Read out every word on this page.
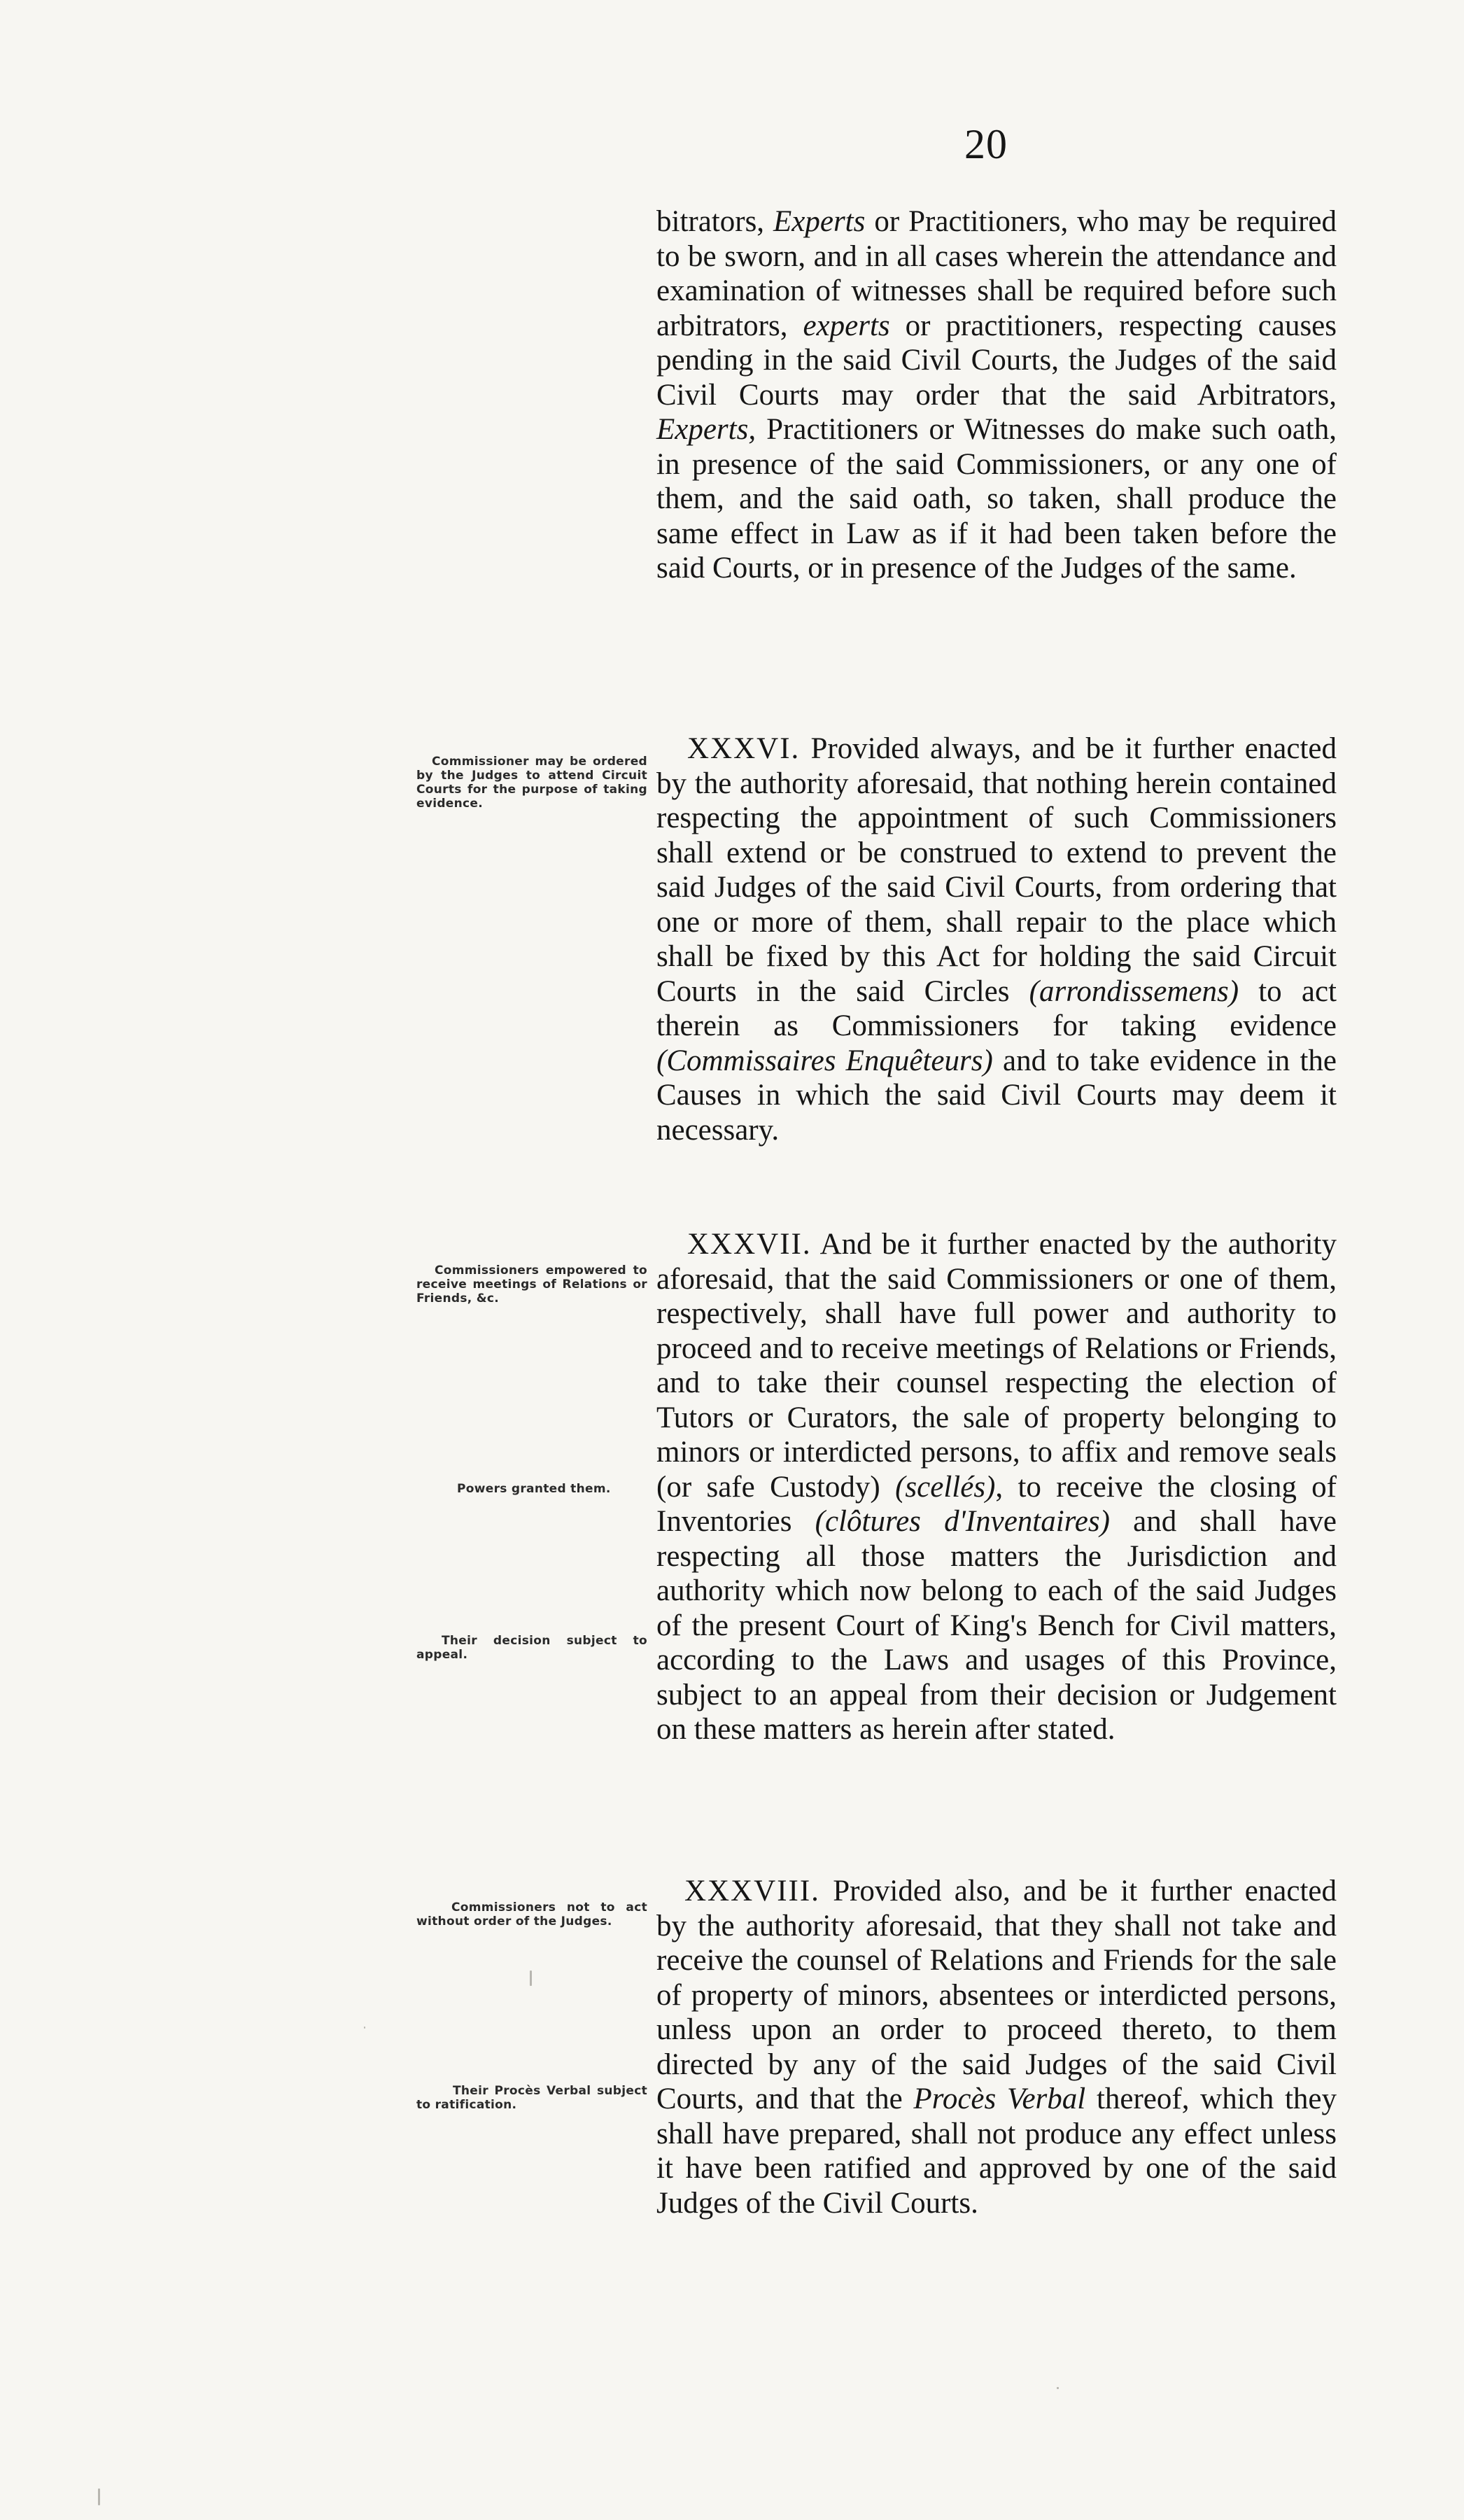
20
Commissioner may be ordered by the Judges to attend Circuit Courts for the purpose of taking evidence.
Commissioners empowered to receive meetings of Relations or Friends, &c.
Powers granted them.
Their decision subject to appeal.
Commissioners not to act without order of the Judges.
Their Procès Verbal subject to ratification.
bitrators, Experts or Practitioners, who may be required to be sworn, and in all cases wherein the attendance and examination of witnesses shall be required before such arbitrators, experts or practitioners, respecting causes pending in the said Civil Courts, the Judges of the said Civil Courts may order that the said Arbitrators, Experts, Practitioners or Witnesses do make such oath, in presence of the said Commissioners, or any one of them, and the said oath, so taken, shall produce the same effect in Law as if it had been taken before the said Courts, or in presence of the Judges of the same.
XXXVI. Provided always, and be it further enacted by the authority aforesaid, that nothing herein contained respecting the appointment of such Commissioners shall extend or be construed to extend to prevent the said Judges of the said Civil Courts, from ordering that one or more of them, shall repair to the place which shall be fixed by this Act for holding the said Circuit Courts in the said Circles (arrondissemens) to act therein as Commissioners for taking evidence (Commissaires Enquêteurs) and to take evidence in the Causes in which the said Civil Courts may deem it necessary.
XXXVII. And be it further enacted by the authority aforesaid, that the said Commissioners or one of them, respectively, shall have full power and authority to proceed and to receive meetings of Relations or Friends, and to take their counsel respecting the election of Tutors or Curators, the sale of property belonging to minors or interdicted persons, to affix and remove seals (or safe Custody) (scellés), to receive the closing of Inventories (clôtures d'Inventaires) and shall have respecting all those matters the Jurisdiction and authority which now belong to each of the said Judges of the present Court of King's Bench for Civil matters, according to the Laws and usages of this Province, subject to an appeal from their decision or Judgement on these matters as herein after stated.
XXXVIII. Provided also, and be it further enacted by the authority aforesaid, that they shall not take and receive the counsel of Relations and Friends for the sale of property of minors, absentees or interdicted persons, unless upon an order to proceed thereto, to them directed by any of the said Judges of the said Civil Courts, and that the Procès Verbal thereof, which they shall have prepared, shall not produce any effect unless it have been ratified and approved by one of the said Judges of the Civil Courts.
